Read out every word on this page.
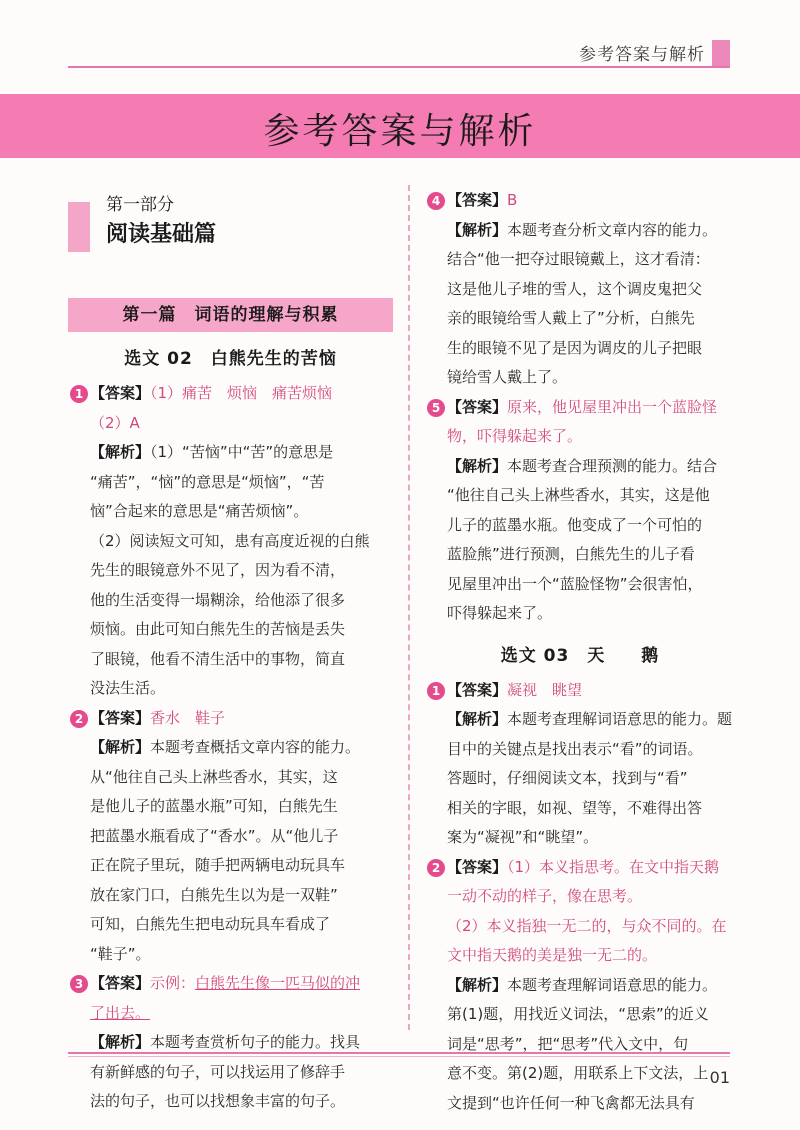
参考答案与解析
参考答案与解析
第一部分
阅读基础篇
第一篇　词语的理解与积累
选文 02　白熊先生的苦恼
1 【答案】（1）痛苦　烦恼　痛苦烦恼
（2）A
【解析】（1）“苦恼”中“苦”的意思是
“痛苦”，“恼”的意思是“烦恼”，“苦
恼”合起来的意思是“痛苦烦恼”。
（2）阅读短文可知，患有高度近视的白熊
先生的眼镜意外不见了，因为看不清，
他的生活变得一塌糊涂，给他添了很多
烦恼。由此可知白熊先生的苦恼是丢失
了眼镜，他看不清生活中的事物，简直
没法生活。
2 【答案】香水　鞋子
【解析】本题考查概括文章内容的能力。
从“他往自己头上淋些香水，其实，这
是他儿子的蓝墨水瓶”可知，白熊先生
把蓝墨水瓶看成了“香水”。从“他儿子
正在院子里玩，随手把两辆电动玩具车
放在家门口，白熊先生以为是一双鞋”
可知，白熊先生把电动玩具车看成了
“鞋子”。
3 【答案】示例：白熊先生像一匹马似的冲
了出去。
【解析】本题考查赏析句子的能力。找具
有新鲜感的句子，可以找运用了修辞手
法的句子，也可以找想象丰富的句子。
4 【答案】B
【解析】本题考查分析文章内容的能力。
结合“他一把夺过眼镜戴上，这才看清：
这是他儿子堆的雪人，这个调皮鬼把父
亲的眼镜给雪人戴上了”分析，白熊先
生的眼镜不见了是因为调皮的儿子把眼
镜给雪人戴上了。
5 【答案】原来，他见屋里冲出一个蓝脸怪
物，吓得躲起来了。
【解析】本题考查合理预测的能力。结合
“他往自己头上淋些香水，其实，这是他
儿子的蓝墨水瓶。他变成了一个可怕的
蓝脸熊”进行预测，白熊先生的儿子看
见屋里冲出一个“蓝脸怪物”会很害怕，
吓得躲起来了。
选文 03　天　　鹅
1 【答案】凝视　眺望
【解析】本题考查理解词语意思的能力。题
目中的关键点是找出表示“看”的词语。
答题时，仔细阅读文本，找到与“看”
相关的字眼，如视、望等，不难得出答
案为“凝视”和“眺望”。
2 【答案】（1）本义指思考。在文中指天鹅
一动不动的样子，像在思考。
（2）本义指独一无二的，与众不同的。在
文中指天鹅的美是独一无二的。
【解析】本题考查理解词语意思的能力。
第(1)题，用找近义词法，“思索”的近义
词是“思考”，把“思考”代入文中，句
意不变。第(2)题，用联系上下文法，上
文提到“也许任何一种飞禽都无法具有
01
